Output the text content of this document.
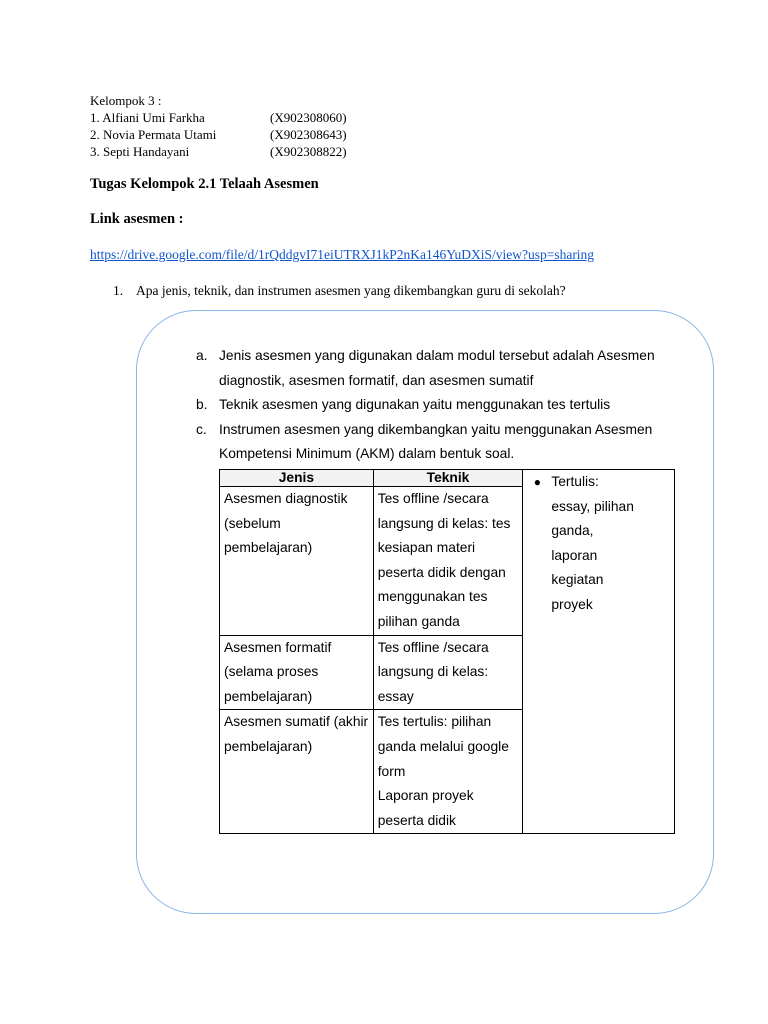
Kelompok 3 :
1. Alfiani Umi Farkha	(X902308060)
2. Novia Permata Utami	(X902308643)
3. Septi Handayani	(X902308822)
Tugas Kelompok 2.1 Telaah Asesmen
Link asesmen :
https://drive.google.com/file/d/1rQddgvI71eiUTRXJ1kP2nKa146YuDXiS/view?usp=sharing
1. Apa jenis, teknik, dan instrumen asesmen yang dikembangkan guru di sekolah?
a. Jenis asesmen yang digunakan dalam modul tersebut adalah Asesmen diagnostik, asesmen formatif, dan asesmen sumatif
b. Teknik asesmen yang digunakan yaitu menggunakan tes tertulis
c. Instrumen asesmen yang dikembangkan yaitu menggunakan Asesmen Kompetensi Minimum (AKM) dalam bentuk soal.
Jenis	Teknik	● Tertulis: essay, pilihan ganda, laporan kegiatan proyek

Asesmen diagnostik (sebelum pembelajaran)	Tes offline /secara langsung di kelas: tes kesiapan materi peserta didik dengan menggunakan tes pilihan ganda	
Asesmen formatif (selama proses pembelajaran)	Tes offline /secara langsung di kelas: essay	
Asesmen sumatif (akhir pembelajaran)	Tes tertulis: pilihan ganda melalui google form
Laporan proyek peserta didik	
